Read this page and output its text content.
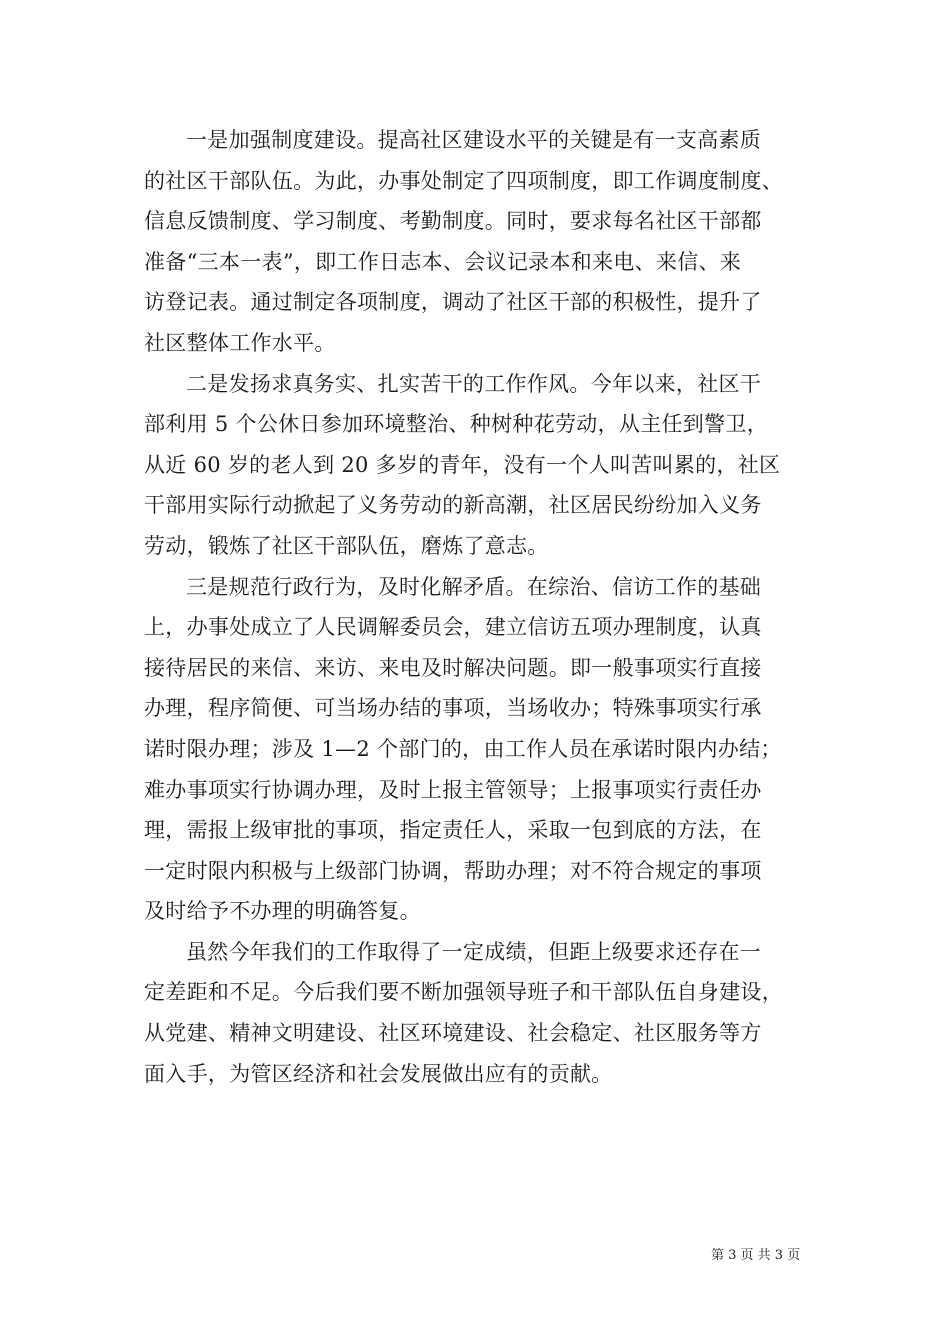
一是加强制度建设。提高社区建设水平的关键是有一支高素质
的社区干部队伍。为此，办事处制定了四项制度，即工作调度制度、
信息反馈制度、学习制度、考勤制度。同时，要求每名社区干部都
准备“三本一表”，即工作日志本、会议记录本和来电、来信、来
访登记表。通过制定各项制度，调动了社区干部的积极性，提升了
社区整体工作水平。
二是发扬求真务实、扎实苦干的工作作风。今年以来，社区干
部利用 5 个公休日参加环境整治、种树种花劳动，从主任到警卫，
从近 60 岁的老人到 20 多岁的青年，没有一个人叫苦叫累的，社区
干部用实际行动掀起了义务劳动的新高潮，社区居民纷纷加入义务
劳动，锻炼了社区干部队伍，磨炼了意志。
三是规范行政行为，及时化解矛盾。在综治、信访工作的基础
上，办事处成立了人民调解委员会，建立信访五项办理制度，认真
接待居民的来信、来访、来电及时解决问题。即一般事项实行直接
办理，程序简便、可当场办结的事项，当场收办；特殊事项实行承
诺时限办理；涉及 1—2 个部门的，由工作人员在承诺时限内办结；
难办事项实行协调办理，及时上报主管领导；上报事项实行责任办
理，需报上级审批的事项，指定责任人，采取一包到底的方法，在
一定时限内积极与上级部门协调，帮助办理；对不符合规定的事项
及时给予不办理的明确答复。
虽然今年我们的工作取得了一定成绩，但距上级要求还存在一
定差距和不足。今后我们要不断加强领导班子和干部队伍自身建设，
从党建、精神文明建设、社区环境建设、社会稳定、社区服务等方
面入手，为管区经济和社会发展做出应有的贡献。
第 3 页 共 3 页
